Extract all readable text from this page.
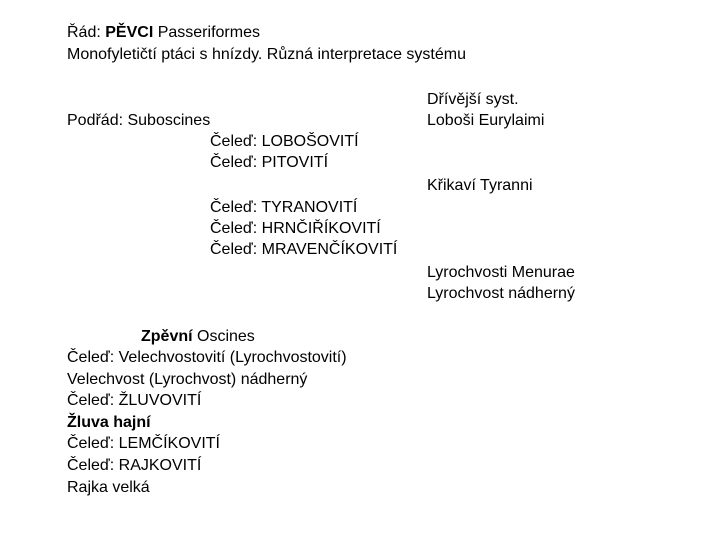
Řád: PĚVCI Passeriformes
Monofyletičtí ptáci s hnízdy. Různá interpretace systému
Dřívější syst.
Loboši Eurylaimi
Křikaví Tyranni
Lyrochvosti Menurae
Lyrochvost nádherný
Podřád: Suboscines
Čeleď: LOBOŠOVITÍ
Čeleď: PITOVITÍ
Čeleď: TYRANOVITÍ
Čeleď: HRNČIŘÍKOVITÍ
Čeleď: MRAVENČÍKOVITÍ
Zpěvní Oscines
Čeleď: Velechvostovití (Lyrochvostovití)
Velechvost (Lyrochvost) nádherný
Čeleď: ŽLUVOVITÍ
Žluva hajní
Čeleď: LEMČÍKOVITÍ
Čeleď: RAJKOVITÍ
Rajka velká
